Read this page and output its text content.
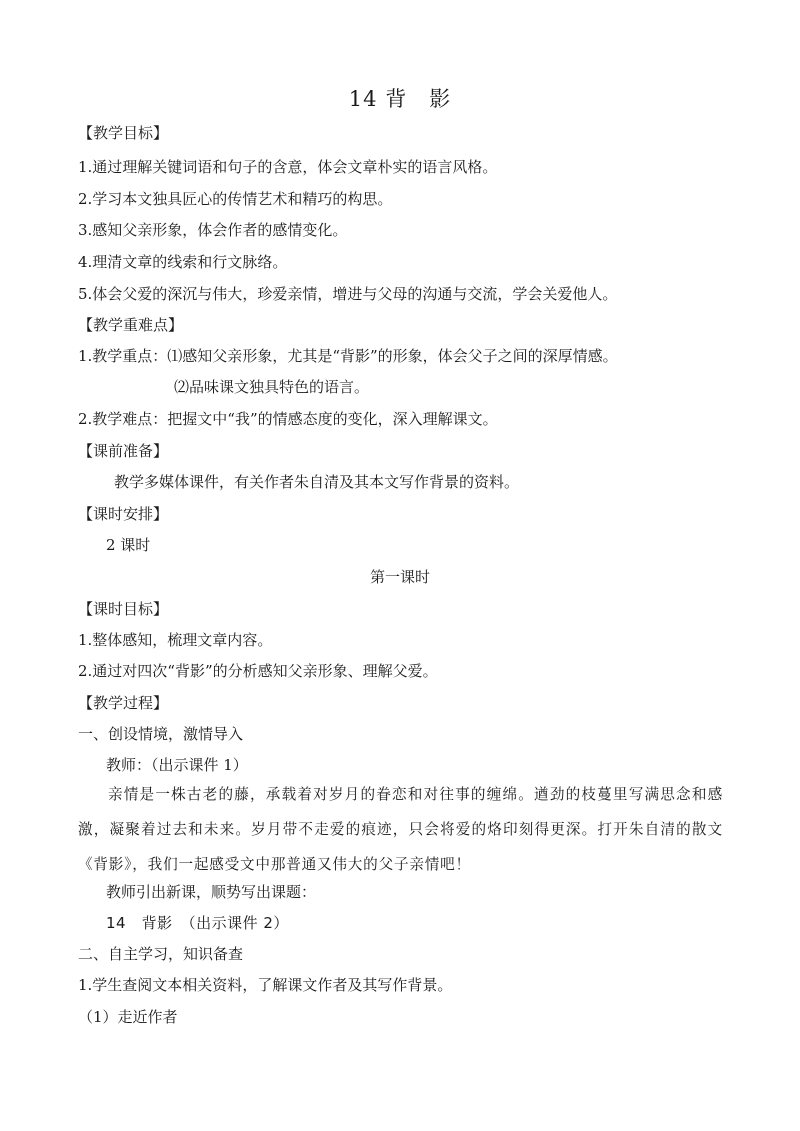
14 背　影
【教学目标】
1.通过理解关键词语和句子的含意，体会文章朴实的语言风格。
2.学习本文独具匠心的传情艺术和精巧的构思。
3.感知父亲形象，体会作者的感情变化。
4.理清文章的线索和行文脉络。
5.体会父爱的深沉与伟大，珍爱亲情，增进与父母的沟通与交流，学会关爱他人。
【教学重难点】
1.教学重点：⑴感知父亲形象，尤其是“背影”的形象，体会父子之间的深厚情感。
⑵品味课文独具特色的语言。
2.教学难点：把握文中“我”的情感态度的变化，深入理解课文。
【课前准备】
教学多媒体课件，有关作者朱自清及其本文写作背景的资料。
【课时安排】
2 课时
第一课时
【课时目标】
1.整体感知，梳理文章内容。
2.通过对四次“背影”的分析感知父亲形象、理解父爱。
【教学过程】
一、创设情境，激情导入
教师：（出示课件 1）
亲情是一株古老的藤，承载着对岁月的眷恋和对往事的缠绵。遒劲的枝蔓里写满思念和感激，凝聚着过去和未来。岁月带不走爱的痕迹，只会将爱的烙印刻得更深。打开朱自清的散文《背影》，我们一起感受文中那普通又伟大的父子亲情吧！
教师引出新课，顺势写出课题：
14　背影　（出示课件 2）
二、自主学习，知识备查
1.学生查阅文本相关资料，了解课文作者及其写作背景。
（1）走近作者
